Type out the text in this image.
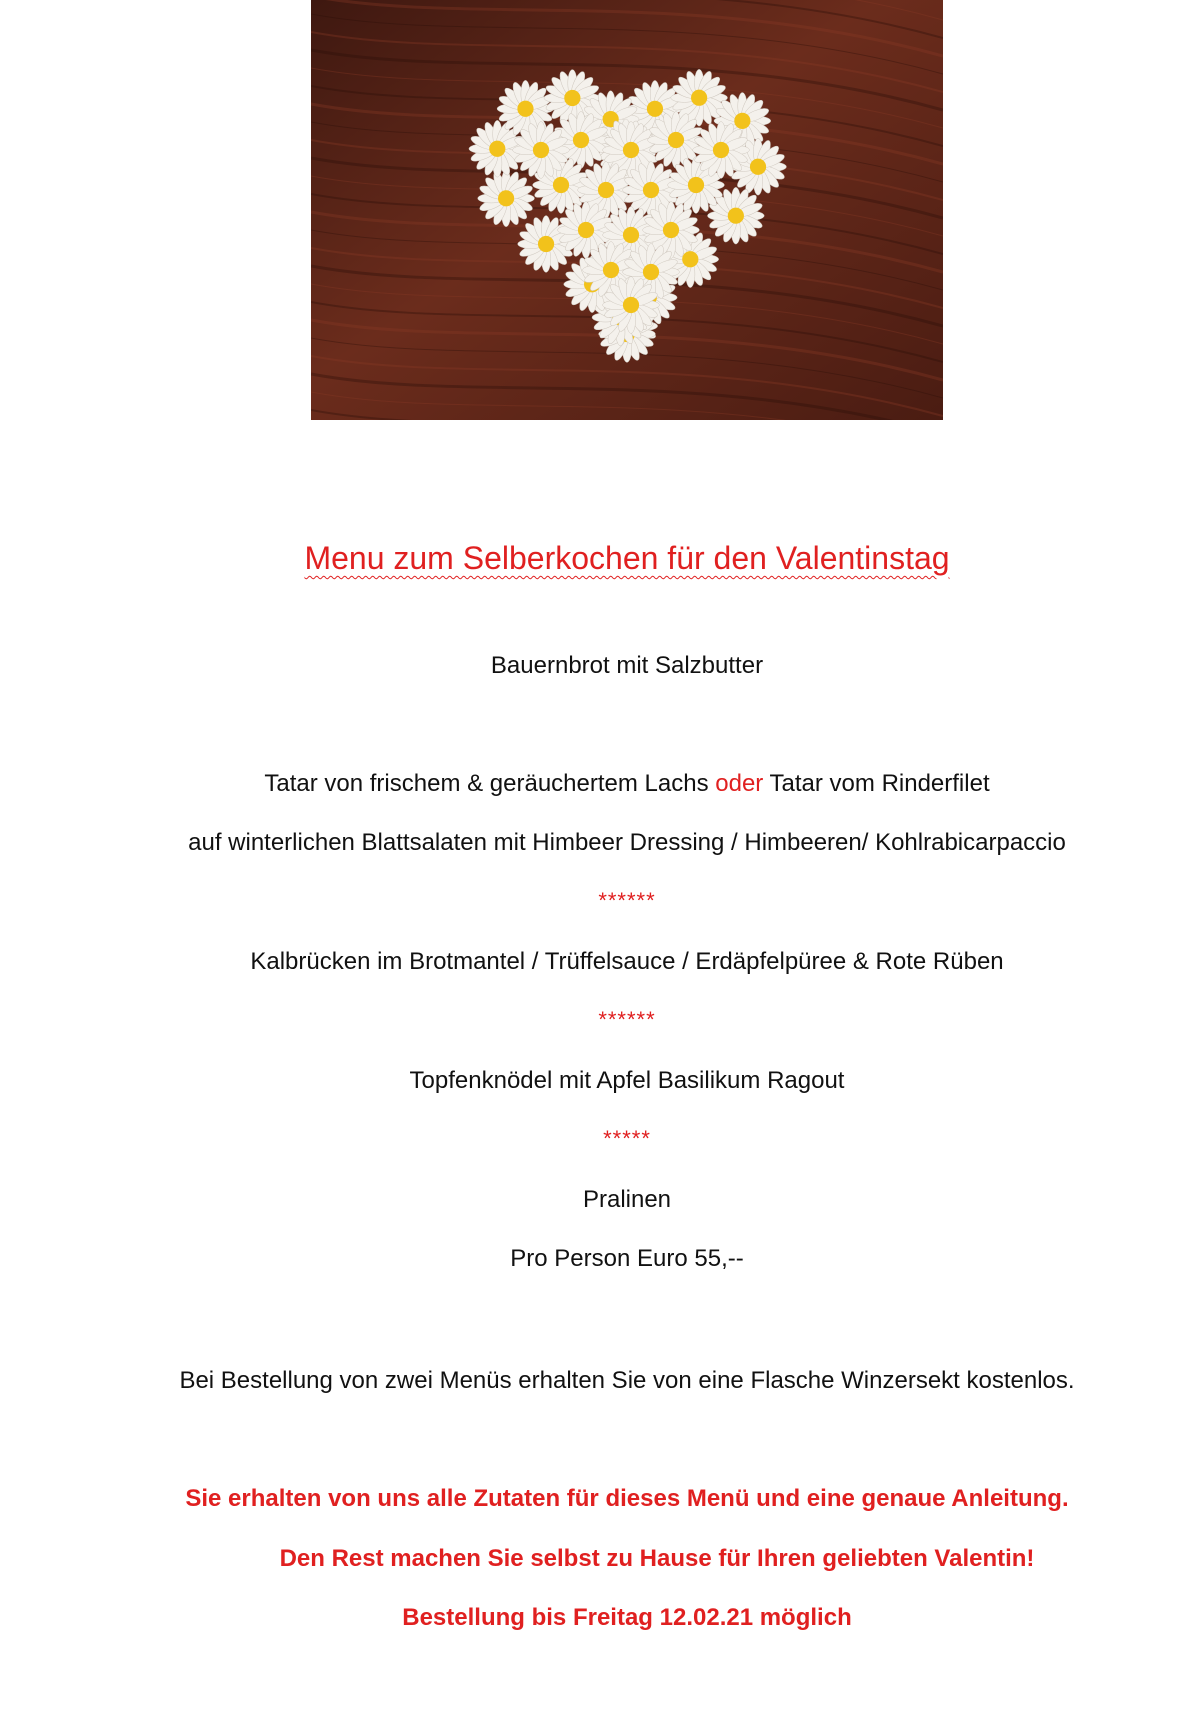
Menu zum Selberkochen für den Valentinstag
Bauernbrot mit Salzbutter
Tatar von frischem & geräuchertem Lachs oder Tatar vom Rinderfilet
auf winterlichen Blattsalaten mit Himbeer Dressing / Himbeeren/ Kohlrabicarpaccio
******
Kalbrücken im Brotmantel / Trüffelsauce / Erdäpfelpüree & Rote Rüben
******
Topfenknödel mit Apfel Basilikum Ragout
*****
Pralinen
Pro Person Euro 55,--
Bei Bestellung von zwei Menüs erhalten Sie von eine Flasche Winzersekt kostenlos.
Sie erhalten von uns alle Zutaten für dieses Menü und eine genaue Anleitung.
Den Rest machen Sie selbst zu Hause für Ihren geliebten Valentin!
Bestellung bis Freitag 12.02.21 möglich
